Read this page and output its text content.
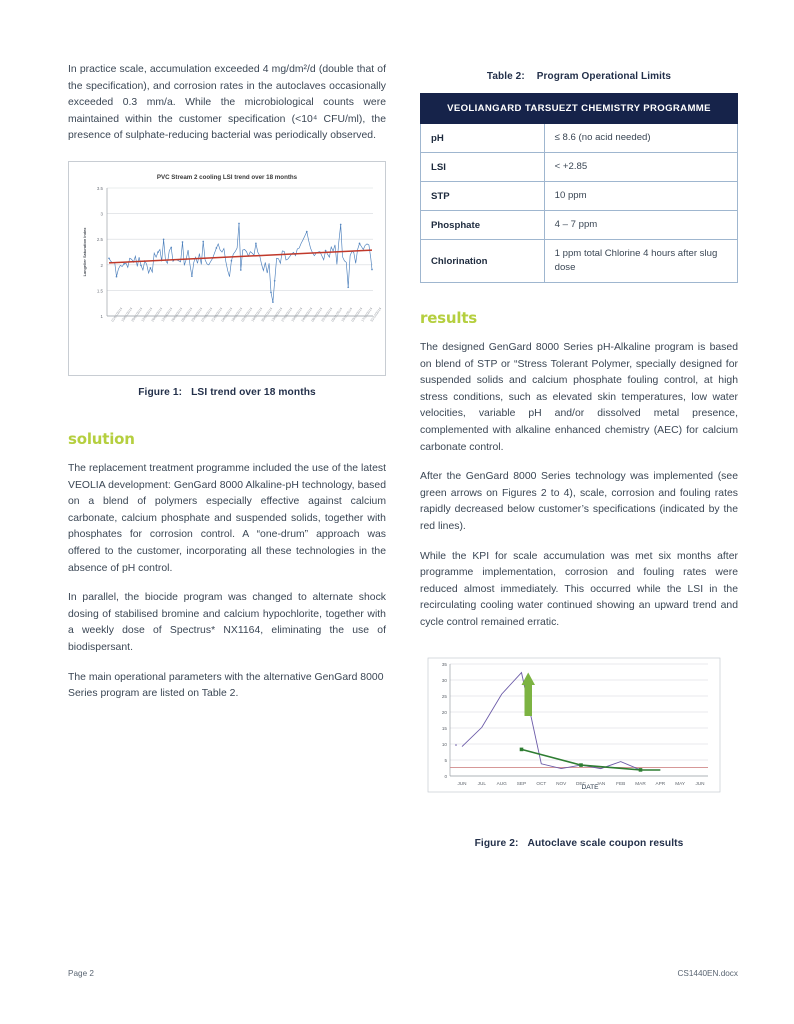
In practice scale, accumulation exceeded 4 mg/dm²/d (double that of the specification), and corrosion rates in the autoclaves occasionally exceeded 0.3 mm/a. While the microbiological counts were maintained within the customer specification (<10⁴ CFU/ml), the presence of sulphate-reducing bacterial was periodically observed.

PVC Stream 2 cooling LSI trend over 18 months
3.5
3
2.5
2
1.5
1
Langelier Saturation Index
01/01/2014
15/01/2014
29/01/2014
12/02/2014
26/02/2014
12/03/2014
26/03/2014
09/04/2014
23/04/2014
07/05/2014
21/05/2014
04/06/2014
18/06/2014
02/07/2014
16/07/2014
30/07/2014
13/08/2014
27/08/2014
10/09/2014
24/09/2014
08/10/2014
22/10/2014
05/11/2014
19/11/2014
03/12/2014
17/12/2014
31/12/2014
Figure 1: LSI trend over 18 months
solution

The replacement treatment programme included the use of the latest VEOLIA development: GenGard 8000 Alkaline-pH technology, based on a blend of polymers especially effective against calcium carbonate, calcium phosphate and suspended solids, together with phosphates for corrosion control. A “one-drum” approach was offered to the customer, incorporating all these technologies in the absence of pH control.

In parallel, the biocide program was changed to alternate shock dosing of stabilised bromine and calcium hypochlorite, together with a weekly dose of Spectrus* NX1164, eliminating the use of biodispersant.

The main operational parameters with the alternative GenGard 8000 Series program are listed on Table 2.

Table 2: Program Operational Limits
VEOLIANGARD TARSUEZT CHEMISTRY PROGRAMME	
pH	≤ 8.6 (no acid needed)
LSI	< +2.85
STP	10 ppm
Phosphate	4 – 7 ppm
Chlorination	1 ppm total Chlorine 4 hours after slug dose
results

The designed GenGard 8000 Series pH-Alkaline program is based on blend of STP or “Stress Tolerant Polymer, specially designed for suspended solids and calcium phosphate fouling control, at high stress conditions, such as elevated skin temperatures, low water velocities, variable pH and/or dissolved metal presence, complemented with alkaline enhanced chemistry (AEC) for calcium carbonate control.

After the GenGard 8000 Series technology was implemented (see green arrows on Figures 2 to 4), scale, corrosion and fouling rates rapidly decreased below customer’s specifications (indicated by the red lines).

While the KPI for scale accumulation was met six months after programme implementation, corrosion and fouling rates were reduced almost immediately. This occurred while the LSI in the recirculating cooling water continued showing an upward trend and cycle control remained erratic.

35
30
25
20
15
10
5
0
JUN JUL AUG SEP OCT NOV DEC JAN FEB MAR APR MAY JUN
DATE
Figure 2: Autoclave scale coupon results
Page 2	CS1440EN.docx
